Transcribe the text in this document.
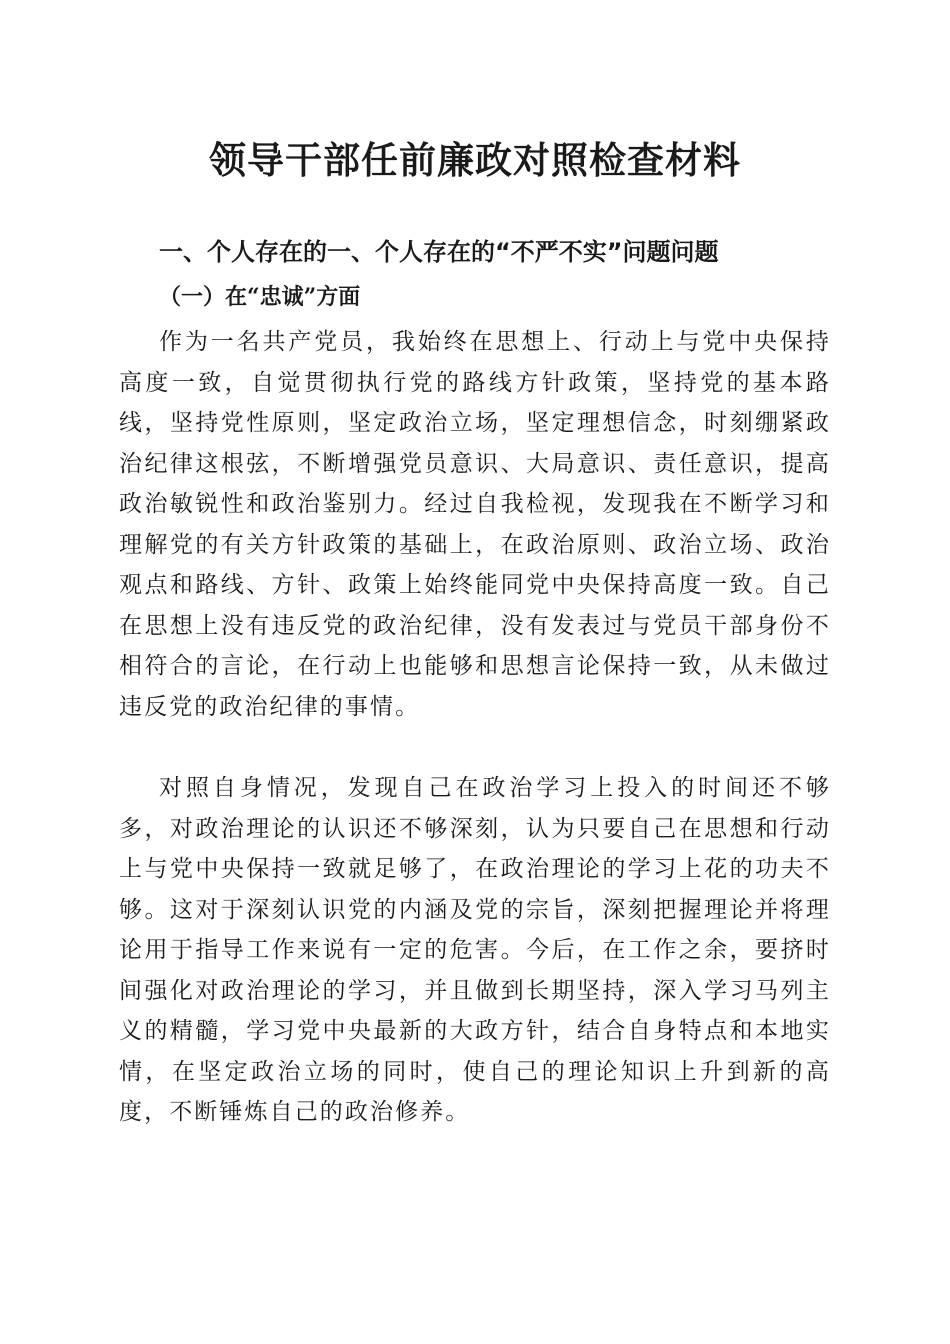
领导干部任前廉政对照检查材料
一、个人存在的一、个人存在的“不严不实”问题问题
（一）在“忠诚”方面

作为一名共产党员，我始终在思想上、行动上与党中央保持高度一致，自觉贯彻执行党的路线方针政策，坚持党的基本路线，坚持党性原则，坚定政治立场，坚定理想信念，时刻绷紧政治纪律这根弦，不断增强党员意识、大局意识、责任意识，提高政治敏锐性和政治鉴别力。经过自我检视，发现我在不断学习和理解党的有关方针政策的基础上，在政治原则、政治立场、政治观点和路线、方针、政策上始终能同党中央保持高度一致。自己在思想上没有违反党的政治纪律，没有发表过与党员干部身份不相符合的言论，在行动上也能够和思想言论保持一致，从未做过违反党的政治纪律的事情。

对照自身情况，发现自己在政治学习上投入的时间还不够多，对政治理论的认识还不够深刻，认为只要自己在思想和行动上与党中央保持一致就足够了，在政治理论的学习上花的功夫不够。这对于深刻认识党的内涵及党的宗旨，深刻把握理论并将理论用于指导工作来说有一定的危害。今后，在工作之余，要挤时间强化对政治理论的学习，并且做到长期坚持，深入学习马列主义的精髓，学习党中央最新的大政方针，结合自身特点和本地实情，在坚定政治立场的同时，使自己的理论知识上升到新的高度，不断锤炼自己的政治修养。
